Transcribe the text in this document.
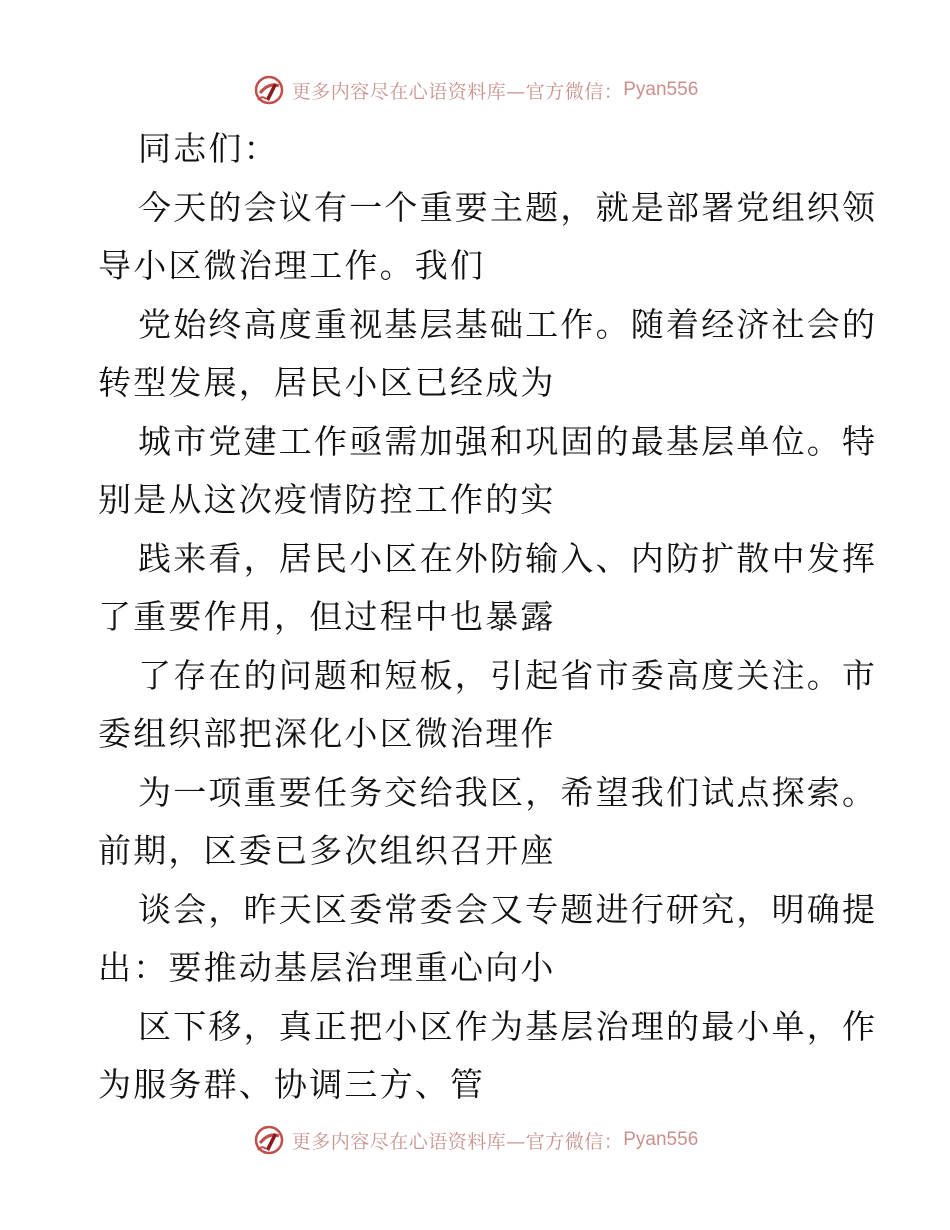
更多内容尽在心语资料库—官方微信： Pyan556
同志们：
今天的会议有一个重要主题，就是部署党组织领
导小区微治理工作。我们
党始终高度重视基层基础工作。随着经济社会的
转型发展，居民小区已经成为
城市党建工作亟需加强和巩固的最基层单位。特
别是从这次疫情防控工作的实
践来看，居民小区在外防输入、内防扩散中发挥
了重要作用，但过程中也暴露
了存在的问题和短板，引起省市委高度关注。市
委组织部把深化小区微治理作
为一项重要任务交给我区，希望我们试点探索。
前期，区委已多次组织召开座
谈会，昨天区委常委会又专题进行研究，明确提
出：要推动基层治理重心向小
区下移，真正把小区作为基层治理的最小单，作
为服务群、协调三方、管
更多内容尽在心语资料库—官方微信： Pyan556
